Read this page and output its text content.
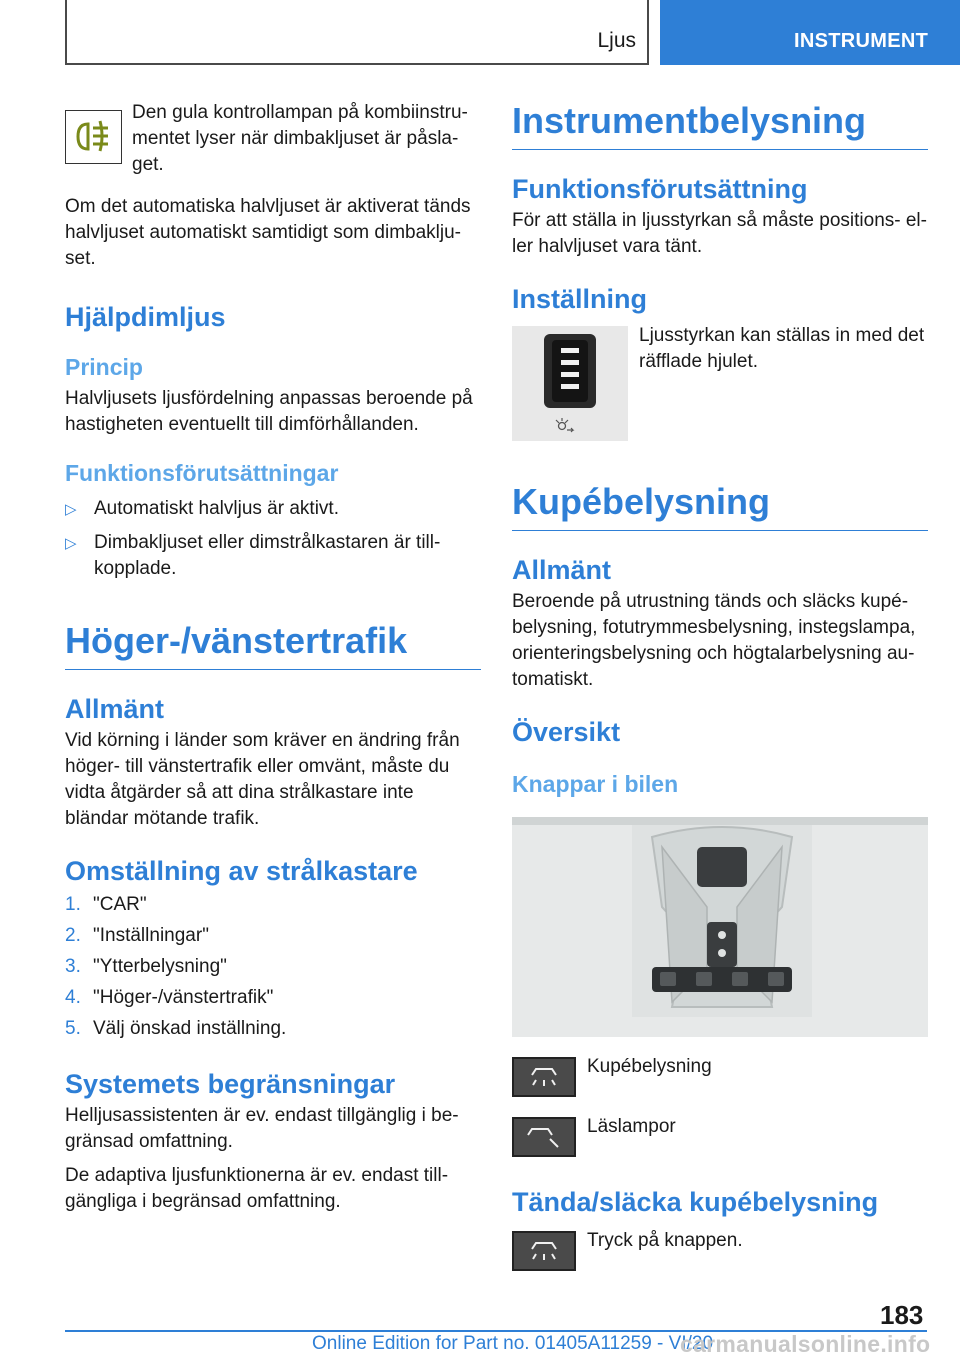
Ljus	INSTRUMENT
Den gula kontrollampan på kombiinstrumentet lyser när dimbakljuset är påslaget.

Om det automatiska halvljuset är aktiverat tänds halvljuset automatiskt samtidigt som dimbakljuset.

Hjälpdimljus
Princip

Halvljusets ljusfördelning anpassas beroende på hastigheten eventuellt till dimförhållanden.

Funktionsförutsättningar
▷ Automatiskt halvljus är aktivt.
▷ Dimbakljuset eller dimstrålkastaren är tillkopplade.
Höger-/vänstertrafik
Allmänt

Vid körning i länder som kräver en ändring från höger- till vänstertrafik eller omvänt, måste du vidta åtgärder så att dina strålkastare inte bländar mötande trafik.

Omställning av strålkastare
1. "CAR"
2. "Inställningar"
3. "Ytterbelysning"
4. "Höger-/vänstertrafik"
5. Välj önskad inställning.
Systemets begränsningar

Helljusassistenten är ev. endast tillgänglig i begränsad omfattning.

De adaptiva ljusfunktionerna är ev. endast tillgängliga i begränsad omfattning.

Instrumentbelysning
Funktionsförutsättning

För att ställa in ljusstyrkan så måste positions- eller halvljuset vara tänt.

Inställning
Ljusstyrkan kan ställas in med det räfflade hjulet.
Kupébelysning
Allmänt

Beroende på utrustning tänds och släcks kupébelysning, fotutrymmesbelysning, instegslampa, orienteringsbelysning och högtalarbelysning automatiskt.

Översikt
Knappar i bilen
Kupébelysning
Läslampor
Tända/släcka kupébelysning
Tryck på knappen.
183
Online Edition for Part no. 01405A11259 - VI/20
carmanualsonline.info
